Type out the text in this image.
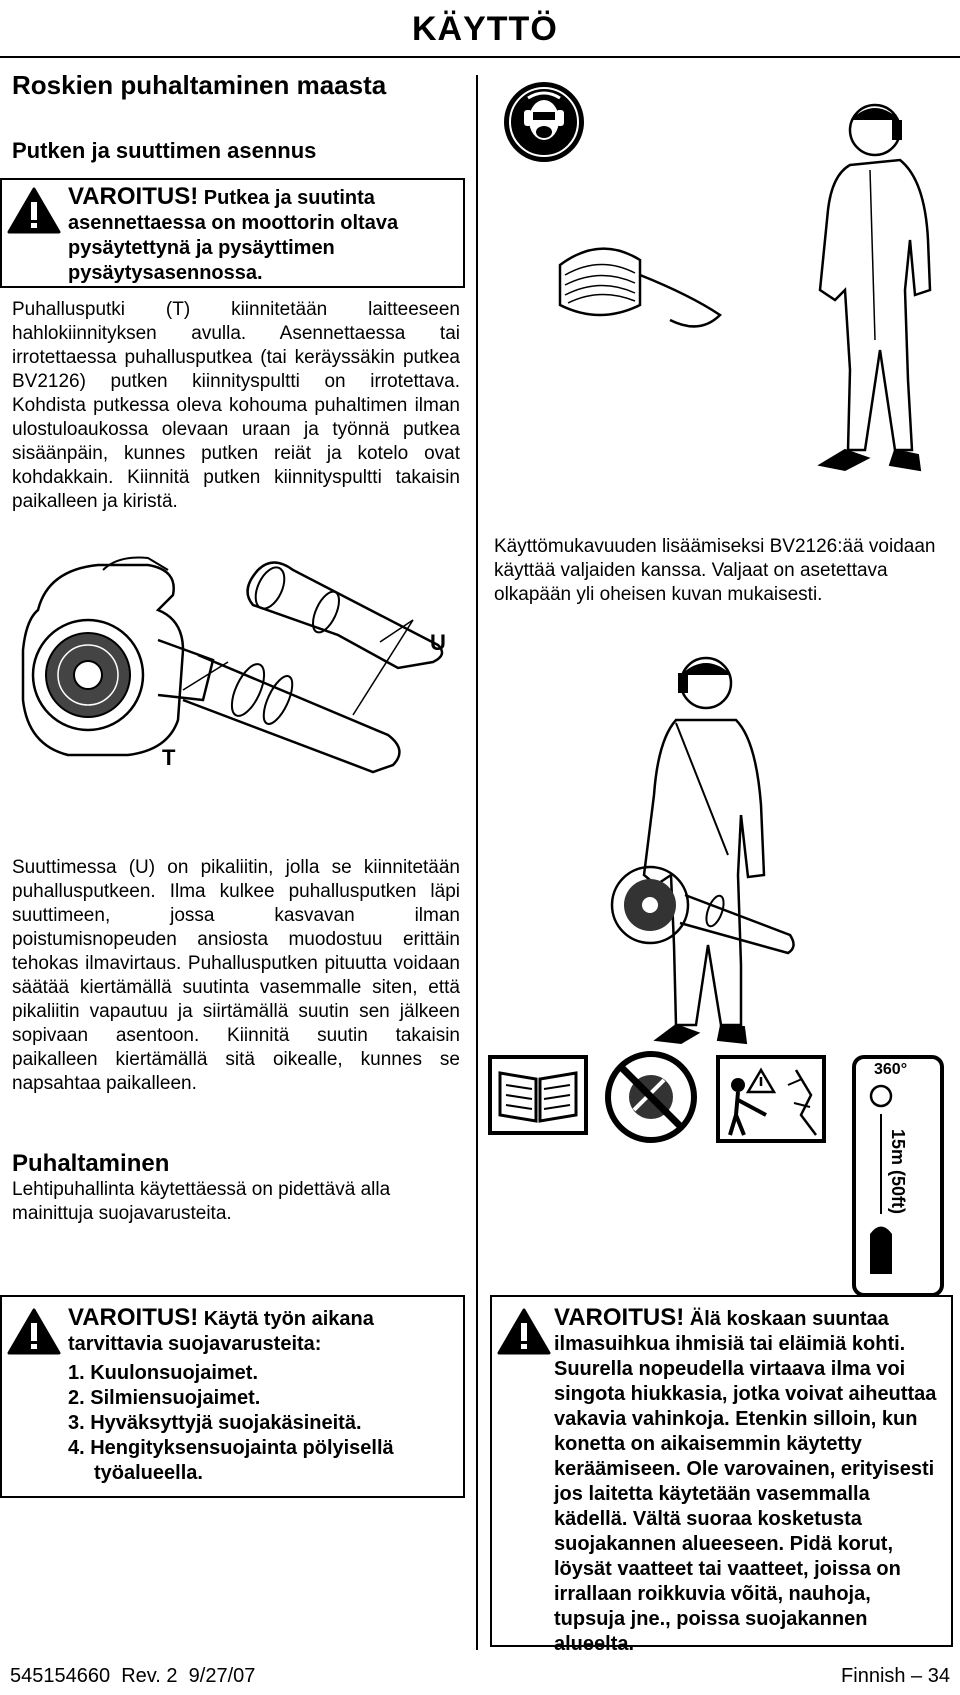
KÄYTTÖ
Roskien puhaltaminen maasta
Putken ja suuttimen asennus
VAROITUS! Putkea ja suutinta asennettaessa on moottorin oltava pysäytettynä ja pysäyttimen pysäytysasennossa.
Puhallusputki (T) kiinnitetään laitteeseen hahlokiinnityksen avulla. Asennettaessa tai irrotettaessa puhallusputkea (tai keräyssäkin putkea BV2126) putken kiinnityspultti on irrotettava. Kohdista putkessa oleva kohouma puhaltimen ilman ulostuloaukossa olevaan uraan ja työnnä putkea sisäänpäin, kunnes putken reiät ja kotelo ovat kohdakkain. Kiinnitä putken kiinnityspultti takaisin paikalleen ja kiristä.
T
U
Suuttimessa (U) on pikaliitin, jolla se kiinnitetään puhallusputkeen. Ilma kulkee puhallusputken läpi suuttimeen, jossa kasvavan ilman poistumisnopeuden ansiosta muodostuu erittäin tehokas ilmavirtaus. Puhallusputken pituutta voidaan säätää kiertämällä suutinta vasemmalle siten, että pikaliitin vapautuu ja siirtämällä suutin sen jälkeen sopivaan asentoon. Kiinnitä suutin takaisin paikalleen kiertämällä sitä oikealle, kunnes se napsahtaa paikalleen.
Puhaltaminen
Lehtipuhallinta käytettäessä on pidettävä alla mainittuja suojavarusteita.
VAROITUS! Käytä työn aikana tarvittavia suojavarusteita:
1. Kuulonsuojaimet.
2. Silmiensuojaimet.
3. Hyväksyttyjä suojakäsineitä.
4. Hengityksensuojainta pölyisellä työalueella.
Käyttömukavuuden lisäämiseksi BV2126:ää voidaan käyttää valjaiden kanssa. Valjaat on asetettava olkapään yli oheisen kuvan mukaisesti.
360°
15m (50ft)
VAROITUS! Älä koskaan suuntaa ilmasuihkua ihmisiä tai eläimiä kohti. Suurella nopeudella virtaava ilma voi singota hiukkasia, jotka voivat aiheuttaa vakavia vahinkoja. Etenkin silloin, kun konetta on aikaisemmin käytetty keräämiseen. Ole varovainen, erityisesti jos laitetta käytetään vasemmalla kädellä. Vältä suoraa kosketusta suojakannen alueeseen. Pidä korut, löysät vaatteet tai vaatteet, joissa on irrallaan roikkuvia võitä, nauhoja, tupsuja jne., poissa suojakannen alueelta.
545154660  Rev. 2  9/27/07	Finnish – 34
